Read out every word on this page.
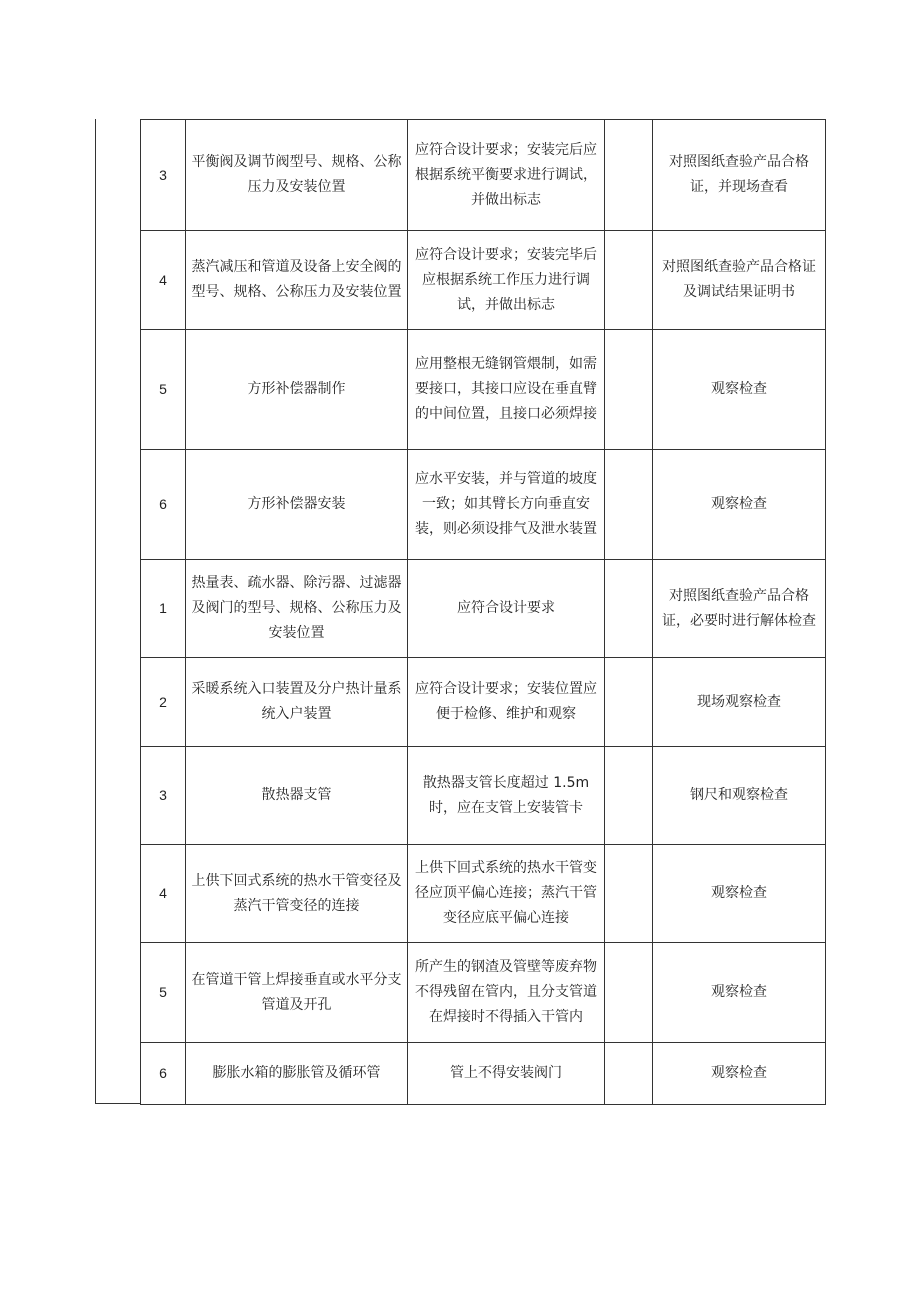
3	平衡阀及调节阀型号、规格、公称压力及安装位置	应符合设计要求；安装完后应根据系统平衡要求进行调试，并做出标志		对照图纸查验产品合格证，并现场查看
4	蒸汽减压和管道及设备上安全阀的型号、规格、公称压力及安装位置	应符合设计要求；安装完毕后应根据系统工作压力进行调试，并做出标志		对照图纸查验产品合格证及调试结果证明书
5	方形补偿器制作	应用整根无缝钢管煨制，如需要接口，其接口应设在垂直臂的中间位置，且接口必须焊接		观察检查
6	方形补偿器安装	应水平安装，并与管道的坡度一致；如其臂长方向垂直安装，则必须设排气及泄水装置		观察检查
1	热量表、疏水器、除污器、过滤器及阀门的型号、规格、公称压力及安装位置	应符合设计要求		对照图纸查验产品合格证，必要时进行解体检查
2	采暖系统入口装置及分户热计量系统入户装置	应符合设计要求；安装位置应便于检修、维护和观察		现场观察检查
3	散热器支管	散热器支管长度超过 1.5m 时，应在支管上安装管卡		钢尺和观察检查
4	上供下回式系统的热水干管变径及蒸汽干管变径的连接	上供下回式系统的热水干管变径应顶平偏心连接；蒸汽干管变径应底平偏心连接		观察检查
5	在管道干管上焊接垂直或水平分支管道及开孔	所产生的钢渣及管壁等废弃物不得残留在管内，且分支管道在焊接时不得插入干管内		观察检查
6	膨胀水箱的膨胀管及循环管	管上不得安装阀门		观察检查
